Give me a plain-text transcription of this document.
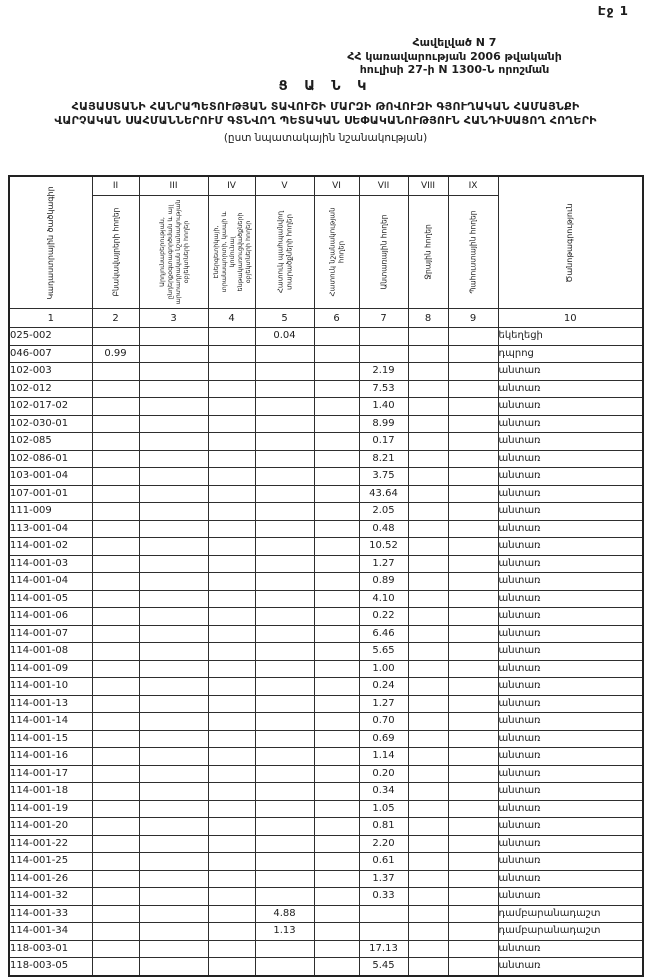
Էջ 1
Հավելված N 7
ՀՀ կառավարության 2006 թվականի
հուլիսի 27-ի N 1300-Ն որոշման
Ց Ա Ն Կ
ՀԱՅԱՍՏԱՆԻ ՀԱՆՐԱՊԵՏՈՒԹՅԱՆ ՏԱՎՈՒՇԻ ՄԱՐԶԻ ԹՈՎՈՒԶԻ ԳՅՈՒՂԱԿԱՆ ՀԱՄԱՅՆՔԻ
ՎԱՐՉԱԿԱՆ ՍԱՀՄԱՆՆԵՐՈՒՄ ԳՏՆՎՈՂ ՊԵՏԱԿԱՆ ՍԵՓԱԿԱՆՈՒԹՅՈՒՆ ՀԱՆԴԻՍԱՑՈՂ ՀՈՂԵՐԻ
(ըստ նպատակային նշանակության)
Կադաստրային ծածկագիր	II	III	IV	V	VI	VII	VIII	IX	Ծանոթագրություն

	Բնակավայրերի հողեր	Արդյունաբերության, ընդերքօգտագործման և այլ արտադրական նշանակության օբյեկտների հողեր	Էներգետիկայի, տրանսպորտի, կապի և կոմունալ ենթակառուցվածքների օբյեկտների հողեր	Հատուկ պահպանվող տարածքների հողեր	Հատուկ նշանակության հողեր	Անտառային հողեր	Ջրային հողեր	Պահուստային հողեր	

1	2	3	4	5	6	7	8	9	10
025-002				0.04					եկեղեցի
046-007	0.99								դպրոց
102-003						2.19			անտառ
102-012						7.53			անտառ
102-017-02						1.40			անտառ
102-030-01						8.99			անտառ
102-085						0.17			անտառ
102-086-01						8.21			անտառ
103-001-04						3.75			անտառ
107-001-01						43.64			անտառ
111-009						2.05			անտառ
113-001-04						0.48			անտառ
114-001-02						10.52			անտառ
114-001-03						1.27			անտառ
114-001-04						0.89			անտառ
114-001-05						4.10			անտառ
114-001-06						0.22			անտառ
114-001-07						6.46			անտառ
114-001-08						5.65			անտառ
114-001-09						1.00			անտառ
114-001-10						0.24			անտառ
114-001-13						1.27			անտառ
114-001-14						0.70			անտառ
114-001-15						0.69			անտառ
114-001-16						1.14			անտառ
114-001-17						0.20			անտառ
114-001-18						0.34			անտառ
114-001-19						1.05			անտառ
114-001-20						0.81			անտառ
114-001-22						2.20			անտառ
114-001-25						0.61			անտառ
114-001-26						1.37			անտառ
114-001-32						0.33			անտառ
114-001-33				4.88					դամբարանադաշտ
114-001-34				1.13					դամբարանադաշտ
118-003-01						17.13			անտառ
118-003-05						5.45			անտառ
